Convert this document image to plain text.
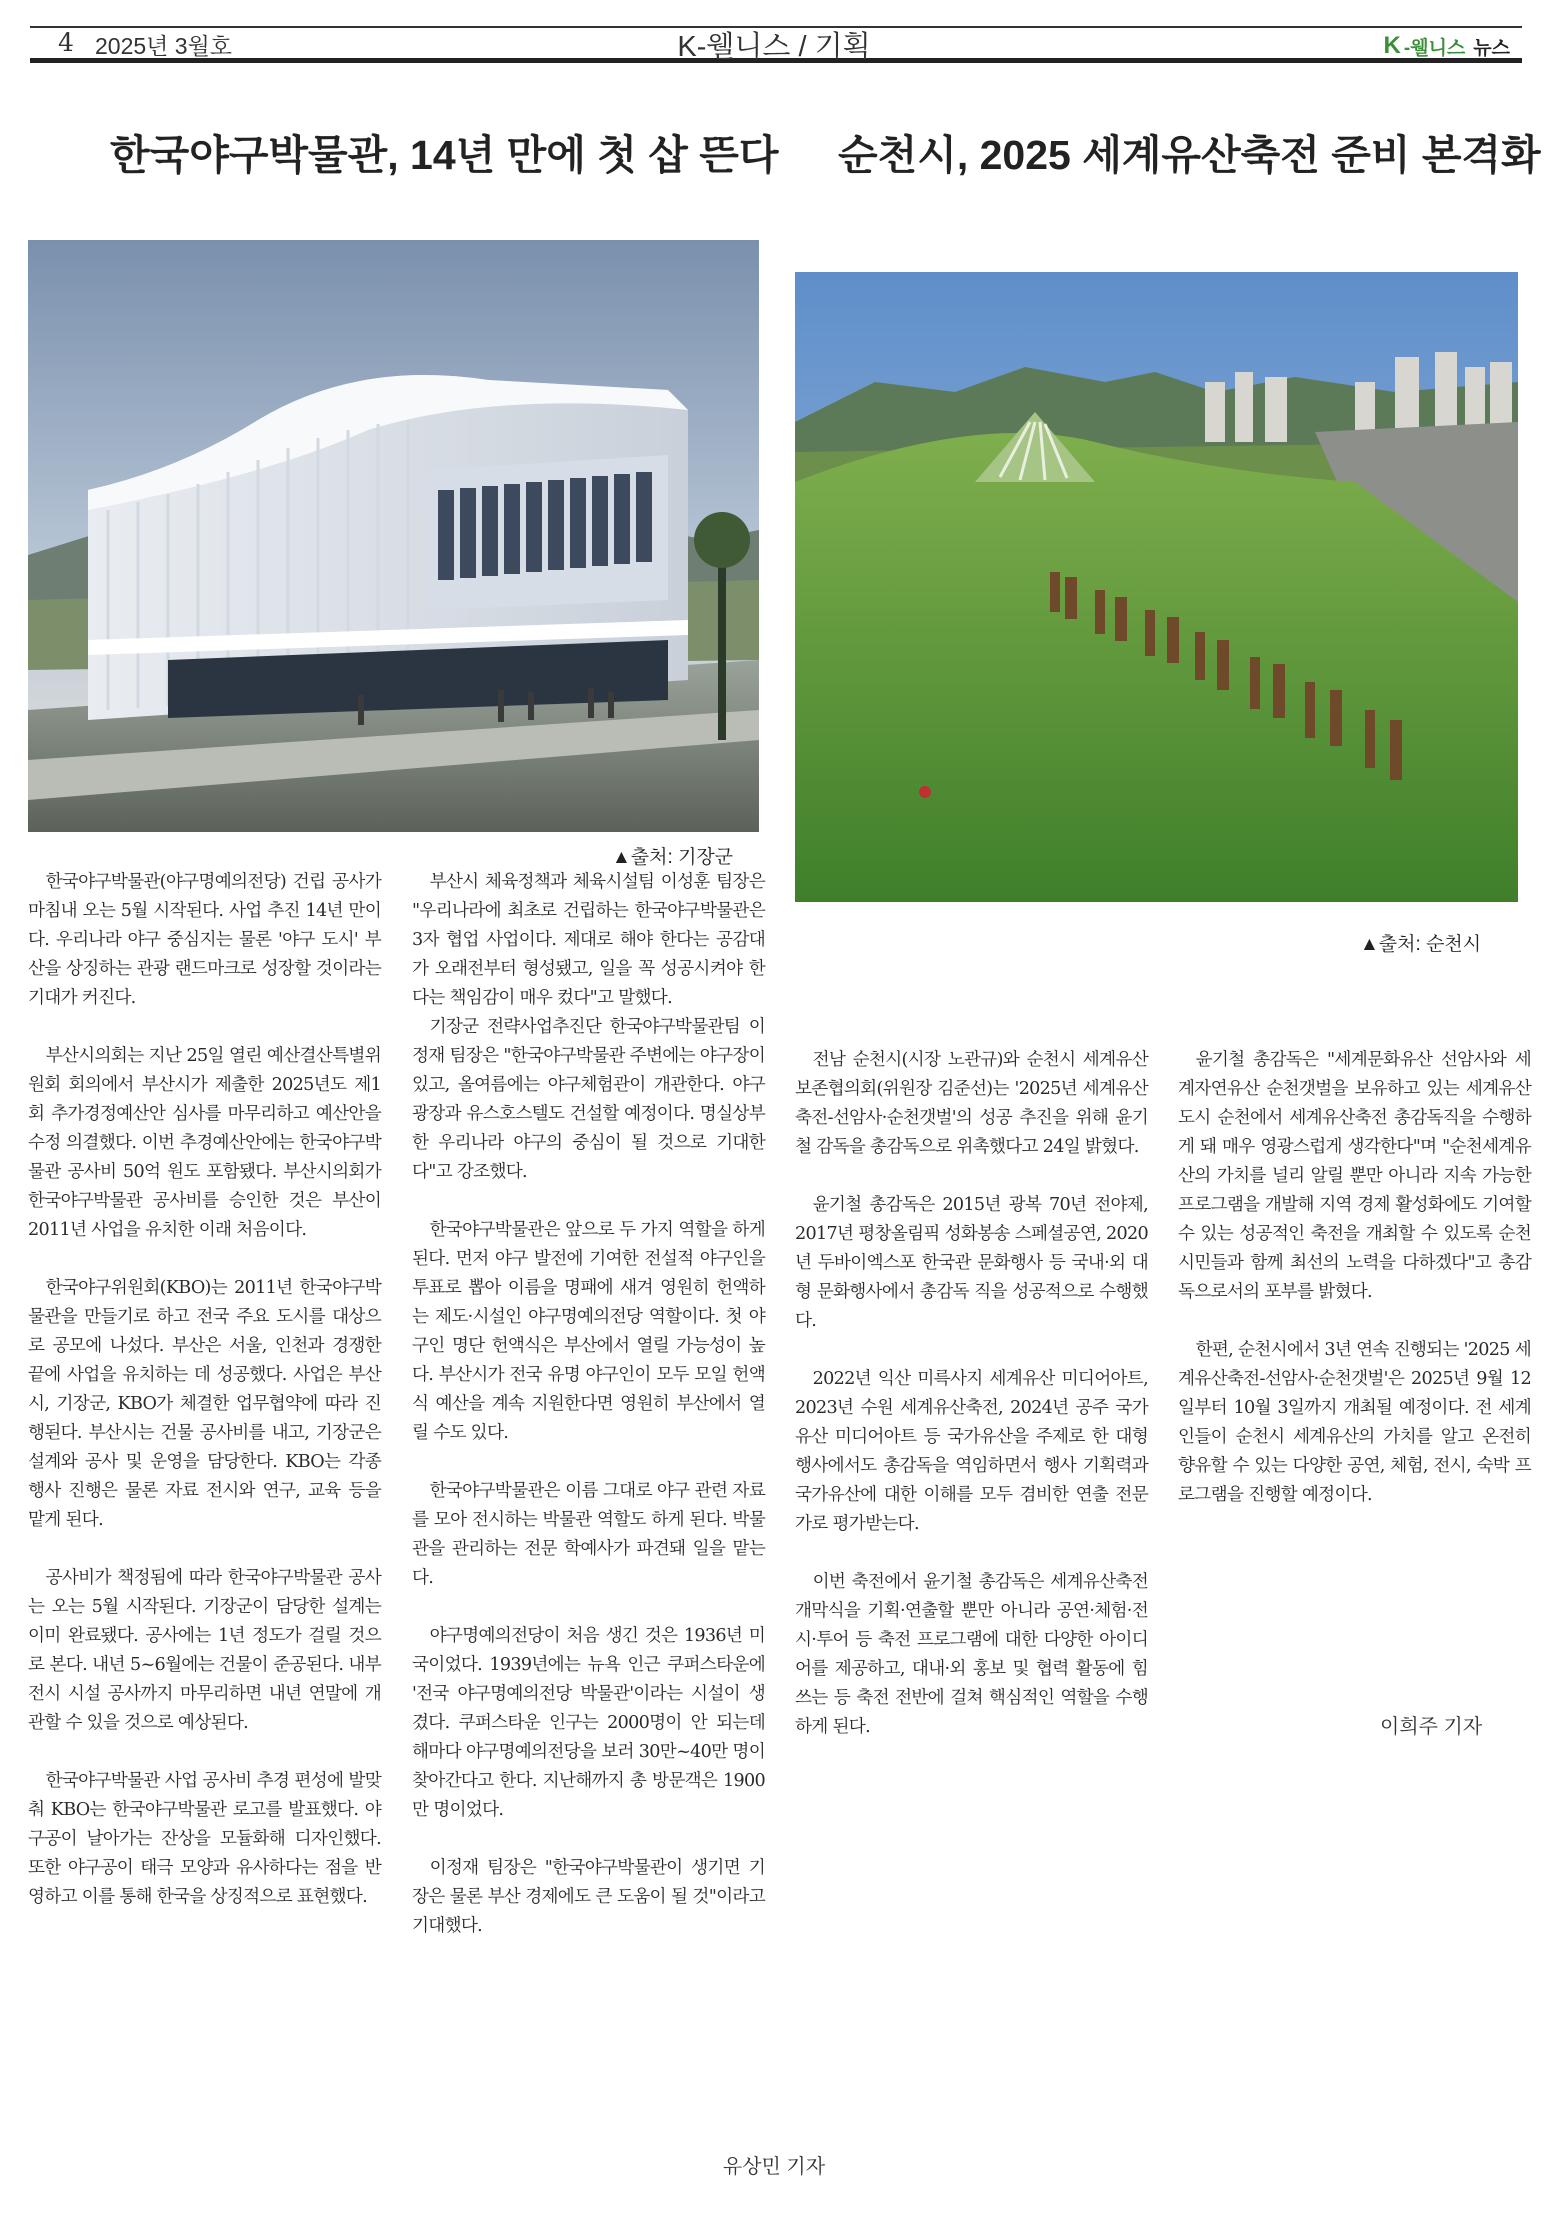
4 2025년 3월호	K-웰니스 / 기획	K -웰니스 뉴스
한국야구박물관, 14년 만에 첫 삽 뜬다 순천시, 2025 세계유산축전 준비 본격화
▲출처: 기장군
▲출처: 순천시

한국야구박물관(야구명예의전당) 건립 공사가 마침내 오는 5월 시작된다. 사업 추진 14년 만이다. 우리나라 야구 중심지는 물론 '야구 도시' 부산을 상징하는 관광 랜드마크로 성장할 것이라는 기대가 커진다.

부산시의회는 지난 25일 열린 예산결산특별위원회 회의에서 부산시가 제출한 2025년도 제1회 추가경정예산안 심사를 마무리하고 예산안을 수정 의결했다. 이번 추경예산안에는 한국야구박물관 공사비 50억 원도 포함됐다. 부산시의회가 한국야구박물관 공사비를 승인한 것은 부산이 2011년 사업을 유치한 이래 처음이다.

한국야구위원회(KBO)는 2011년 한국야구박물관을 만들기로 하고 전국 주요 도시를 대상으로 공모에 나섰다. 부산은 서울, 인천과 경쟁한 끝에 사업을 유치하는 데 성공했다. 사업은 부산시, 기장군, KBO가 체결한 업무협약에 따라 진행된다. 부산시는 건물 공사비를 내고, 기장군은 설계와 공사 및 운영을 담당한다. KBO는 각종 행사 진행은 물론 자료 전시와 연구, 교육 등을 맡게 된다.

공사비가 책정됨에 따라 한국야구박물관 공사는 오는 5월 시작된다. 기장군이 담당한 설계는 이미 완료됐다. 공사에는 1년 정도가 걸릴 것으로 본다. 내년 5~6월에는 건물이 준공된다. 내부 전시 시설 공사까지 마무리하면 내년 연말에 개관할 수 있을 것으로 예상된다.

한국야구박물관 사업 공사비 추경 편성에 발맞춰 KBO는 한국야구박물관 로고를 발표했다. 야구공이 날아가는 잔상을 모듈화해 디자인했다. 또한 야구공이 태극 모양과 유사하다는 점을 반영하고 이를 통해 한국을 상징적으로 표현했다.

부산시 체육정책과 체육시설팀 이성훈 팀장은 "우리나라에 최초로 건립하는 한국야구박물관은 3자 협업 사업이다. 제대로 해야 한다는 공감대가 오래전부터 형성됐고, 일을 꼭 성공시켜야 한다는 책임감이 매우 컸다"고 말했다.

기장군 전략사업추진단 한국야구박물관팀 이정재 팀장은 "한국야구박물관 주변에는 야구장이 있고, 올여름에는 야구체험관이 개관한다. 야구광장과 유스호스텔도 건설할 예정이다. 명실상부한 우리나라 야구의 중심이 될 것으로 기대한다"고 강조했다.

한국야구박물관은 앞으로 두 가지 역할을 하게 된다. 먼저 야구 발전에 기여한 전설적 야구인을 투표로 뽑아 이름을 명패에 새겨 영원히 헌액하는 제도·시설인 야구명예의전당 역할이다. 첫 야구인 명단 헌액식은 부산에서 열릴 가능성이 높다. 부산시가 전국 유명 야구인이 모두 모일 헌액식 예산을 계속 지원한다면 영원히 부산에서 열릴 수도 있다.

한국야구박물관은 이름 그대로 야구 관련 자료를 모아 전시하는 박물관 역할도 하게 된다. 박물관을 관리하는 전문 학예사가 파견돼 일을 맡는다.

야구명예의전당이 처음 생긴 것은 1936년 미국이었다. 1939년에는 뉴욕 인근 쿠퍼스타운에 '전국 야구명예의전당 박물관'이라는 시설이 생겼다. 쿠퍼스타운 인구는 2000명이 안 되는데 해마다 야구명예의전당을 보러 30만~40만 명이 찾아간다고 한다. 지난해까지 총 방문객은 1900만 명이었다.

이정재 팀장은 "한국야구박물관이 생기면 기장은 물론 부산 경제에도 큰 도움이 될 것"이라고 기대했다.

전남 순천시(시장 노관규)와 순천시 세계유산보존협의회(위원장 김준선)는 '2025년 세계유산축전-선암사·순천갯벌'의 성공 추진을 위해 윤기철 감독을 총감독으로 위촉했다고 24일 밝혔다.

윤기철 총감독은 2015년 광복 70년 전야제, 2017년 평창올림픽 성화봉송 스페셜공연, 2020년 두바이엑스포 한국관 문화행사 등 국내·외 대형 문화행사에서 총감독 직을 성공적으로 수행했다.

2022년 익산 미륵사지 세계유산 미디어아트, 2023년 수원 세계유산축전, 2024년 공주 국가유산 미디어아트 등 국가유산을 주제로 한 대형행사에서도 총감독을 역임하면서 행사 기획력과 국가유산에 대한 이해를 모두 겸비한 연출 전문가로 평가받는다.

이번 축전에서 윤기철 총감독은 세계유산축전 개막식을 기획·연출할 뿐만 아니라 공연·체험·전시·투어 등 축전 프로그램에 대한 다양한 아이디어를 제공하고, 대내·외 홍보 및 협력 활동에 힘쓰는 등 축전 전반에 걸쳐 핵심적인 역할을 수행하게 된다.

윤기철 총감독은 "세계문화유산 선암사와 세계자연유산 순천갯벌을 보유하고 있는 세계유산도시 순천에서 세계유산축전 총감독직을 수행하게 돼 매우 영광스럽게 생각한다"며 "순천세계유산의 가치를 널리 알릴 뿐만 아니라 지속 가능한 프로그램을 개발해 지역 경제 활성화에도 기여할 수 있는 성공적인 축전을 개최할 수 있도록 순천시민들과 함께 최선의 노력을 다하겠다"고 총감독으로서의 포부를 밝혔다.

한편, 순천시에서 3년 연속 진행되는 '2025 세계유산축전-선암사·순천갯벌'은 2025년 9월 12일부터 10월 3일까지 개최될 예정이다. 전 세계인들이 순천시 세계유산의 가치를 알고 온전히 향유할 수 있는 다양한 공연, 체험, 전시, 숙박 프로그램을 진행할 예정이다.

이희주 기자
유상민 기자
